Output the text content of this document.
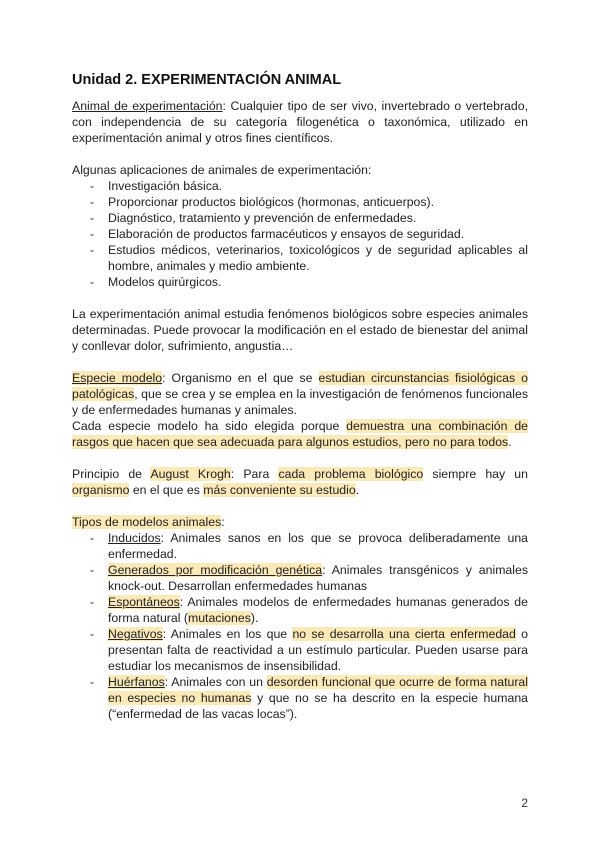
Unidad 2. EXPERIMENTACIÓN ANIMAL

Animal de experimentación: Cualquier tipo de ser vivo, invertebrado o vertebrado, con independencia de su categoría filogenética o taxonómica, utilizado en experimentación animal y otros fines científicos.

Algunas aplicaciones de animales de experimentación:

- Investigación básica.
- Proporcionar productos biológicos (hormonas, anticuerpos).
- Diagnóstico, tratamiento y prevención de enfermedades.
- Elaboración de productos farmacéuticos y ensayos de seguridad.
- Estudios médicos, veterinarios, toxicológicos y de seguridad aplicables al hombre, animales y medio ambiente.
- Modelos quirúrgicos.

La experimentación animal estudia fenómenos biológicos sobre especies animales determinadas. Puede provocar la modificación en el estado de bienestar del animal y conllevar dolor, sufrimiento, angustia…

Especie modelo: Organismo en el que se estudian circunstancias fisiológicas o patológicas, que se crea y se emplea en la investigación de fenómenos funcionales y de enfermedades humanas y animales.

Cada especie modelo ha sido elegida porque demuestra una combinación de rasgos que hacen que sea adecuada para algunos estudios, pero no para todos.

Principio de August Krogh: Para cada problema biológico siempre hay un organismo en el que es más conveniente su estudio.

Tipos de modelos animales:

- Inducidos: Animales sanos en los que se provoca deliberadamente una enfermedad.
- Generados por modificación genética: Animales transgénicos y animales knock-out. Desarrollan enfermedades humanas
- Espontáneos: Animales modelos de enfermedades humanas generados de forma natural (mutaciones).
- Negativos: Animales en los que no se desarrolla una cierta enfermedad o presentan falta de reactividad a un estímulo particular. Pueden usarse para estudiar los mecanismos de insensibilidad.
- Huérfanos: Animales con un desorden funcional que ocurre de forma natural en especies no humanas y que no se ha descrito en la especie humana (“enfermedad de las vacas locas”).
2
